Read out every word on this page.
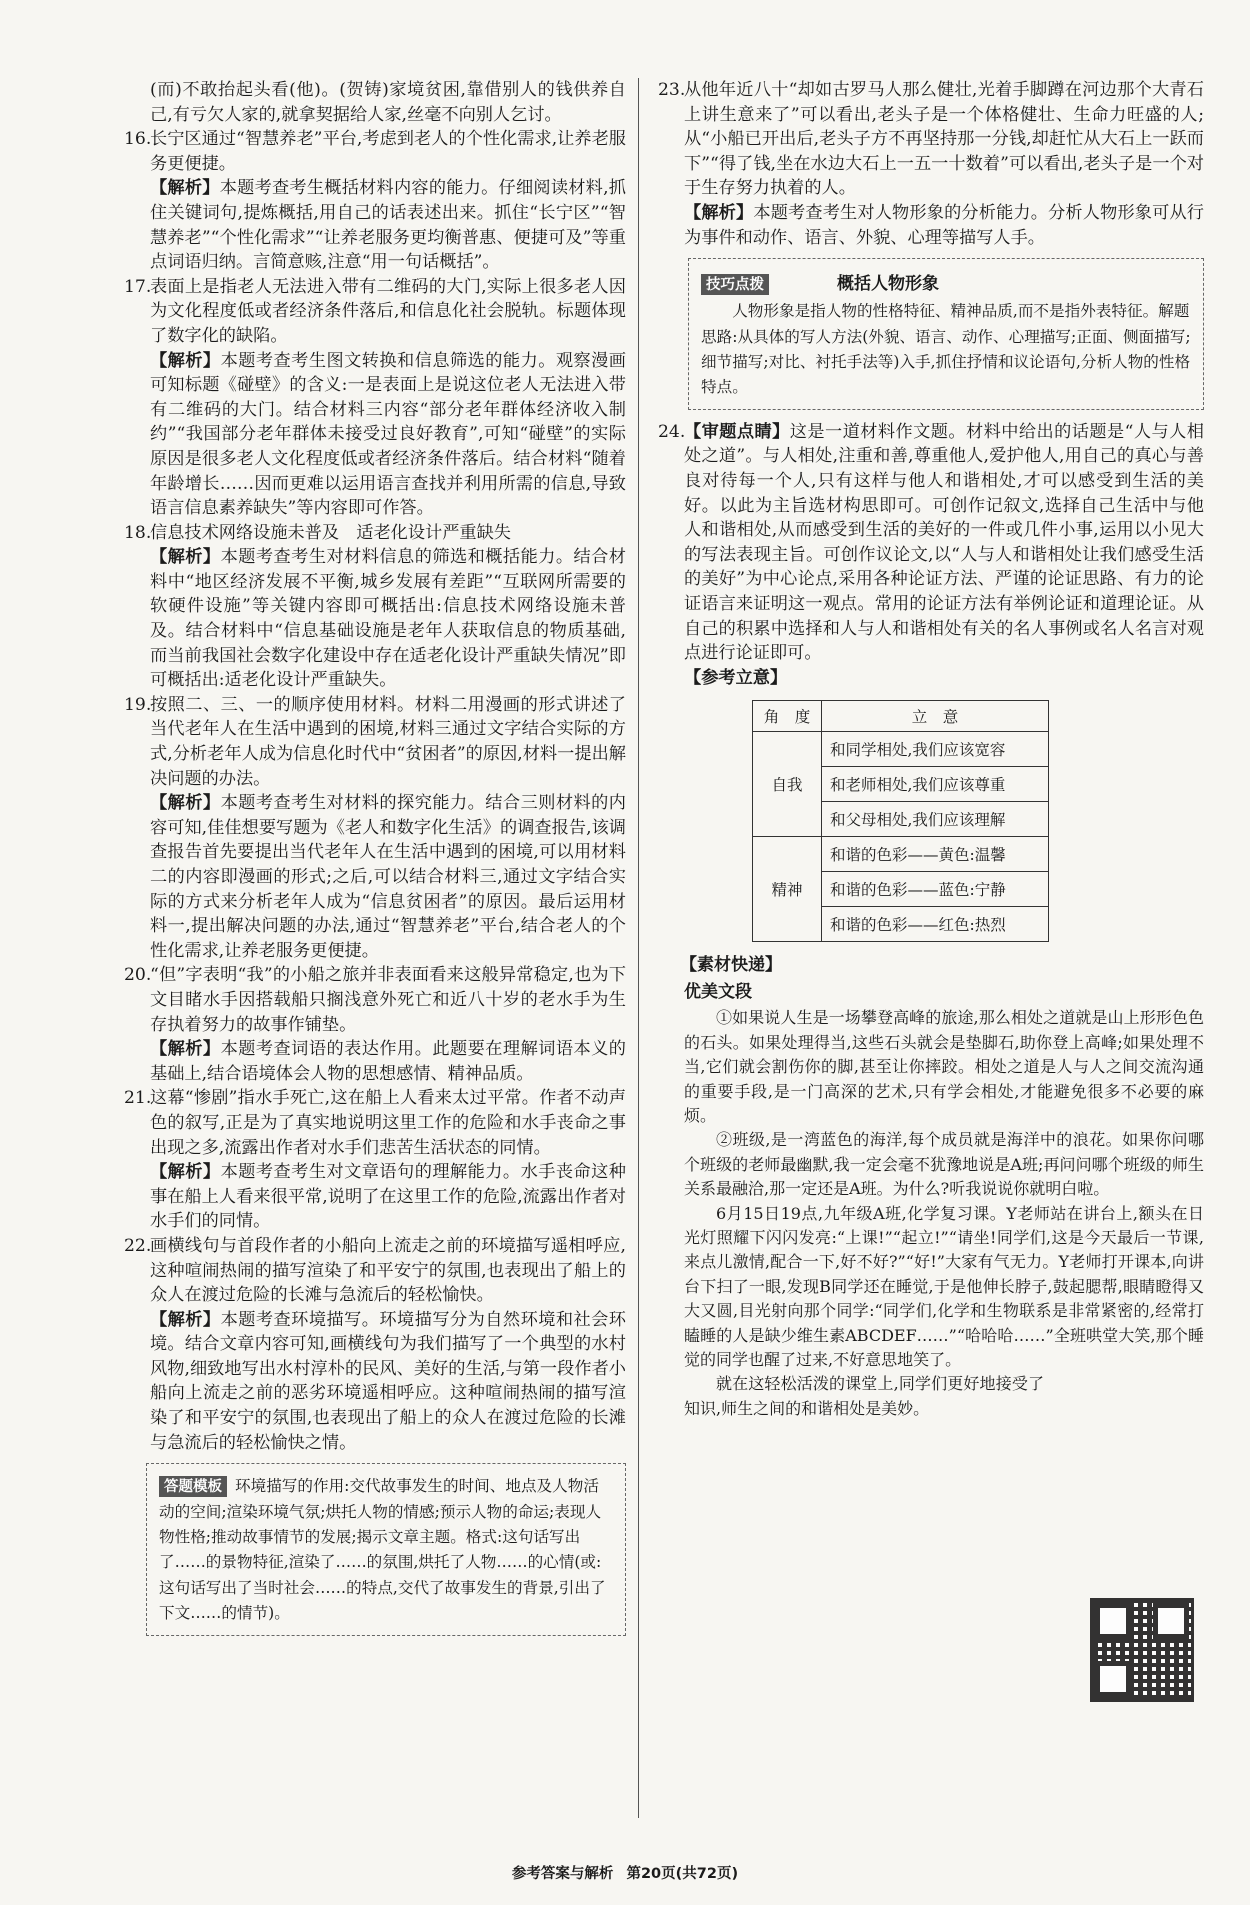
(而)不敢抬起头看(他)。(贺铸)家境贫困,靠借别人的钱供养自己,有亏欠人家的,就拿契据给人家,丝毫不向别人乞讨。

16.
长宁区通过“智慧养老”平台,考虑到老人的个性化需求,让养老服务更便捷。

【解析】本题考查考生概括材料内容的能力。仔细阅读材料,抓住关键词句,提炼概括,用自己的话表述出来。抓住“长宁区”“智慧养老”“个性化需求”“让养老服务更均衡普惠、便捷可及”等重点词语归纳。言简意赅,注意“用一句话概括”。

17.
表面上是指老人无法进入带有二维码的大门,实际上很多老人因为文化程度低或者经济条件落后,和信息化社会脱轨。标题体现了数字化的缺陷。

【解析】本题考查考生图文转换和信息筛选的能力。观察漫画可知标题《碰壁》的含义:一是表面上是说这位老人无法进入带有二维码的大门。结合材料三内容“部分老年群体经济收入制约”“我国部分老年群体未接受过良好教育”,可知“碰壁”的实际原因是很多老人文化程度低或者经济条件落后。结合材料“随着年龄增长……因而更难以运用语言查找并利用所需的信息,导致语言信息素养缺失”等内容即可作答。

18.
信息技术网络设施未普及　适老化设计严重缺失

【解析】本题考查考生对材料信息的筛选和概括能力。结合材料中“地区经济发展不平衡,城乡发展有差距”“互联网所需要的软硬件设施”等关键内容即可概括出:信息技术网络设施未普及。结合材料中“信息基础设施是老年人获取信息的物质基础,而当前我国社会数字化建设中存在适老化设计严重缺失情况”即可概括出:适老化设计严重缺失。

19.
按照二、三、一的顺序使用材料。材料二用漫画的形式讲述了当代老年人在生活中遇到的困境,材料三通过文字结合实际的方式,分析老年人成为信息化时代中“贫困者”的原因,材料一提出解决问题的办法。

【解析】本题考查考生对材料的探究能力。结合三则材料的内容可知,佳佳想要写题为《老人和数字化生活》的调查报告,该调查报告首先要提出当代老年人在生活中遇到的困境,可以用材料二的内容即漫画的形式;之后,可以结合材料三,通过文字结合实际的方式来分析老年人成为“信息贫困者”的原因。最后运用材料一,提出解决问题的办法,通过“智慧养老”平台,结合老人的个性化需求,让养老服务更便捷。

20.
“但”字表明“我”的小船之旅并非表面看来这般异常稳定,也为下文目睹水手因搭载船只搁浅意外死亡和近八十岁的老水手为生存执着努力的故事作铺垫。

【解析】本题考查词语的表达作用。此题要在理解词语本义的基础上,结合语境体会人物的思想感情、精神品质。

21.
这幕“惨剧”指水手死亡,这在船上人看来太过平常。作者不动声色的叙写,正是为了真实地说明这里工作的危险和水手丧命之事出现之多,流露出作者对水手们悲苦生活状态的同情。

【解析】本题考查考生对文章语句的理解能力。水手丧命这种事在船上人看来很平常,说明了在这里工作的危险,流露出作者对水手们的同情。

22.
画横线句与首段作者的小船向上流走之前的环境描写遥相呼应,这种喧闹热闹的描写渲染了和平安宁的氛围,也表现出了船上的众人在渡过危险的长滩与急流后的轻松愉快。

【解析】本题考查环境描写。环境描写分为自然环境和社会环境。结合文章内容可知,画横线句为我们描写了一个典型的水村风物,细致地写出水村淳朴的民风、美好的生活,与第一段作者小船向上流走之前的恶劣环境遥相呼应。这种喧闹热闹的描写渲染了和平安宁的氛围,也表现出了船上的众人在渡过危险的长滩与急流后的轻松愉快之情。

答题模板 环境描写的作用:交代故事发生的时间、地点及人物活动的空间;渲染环境气氛;烘托人物的情感;预示人物的命运;表现人物性格;推动故事情节的发展;揭示文章主题。格式:这句话写出了……的景物特征,渲染了……的氛围,烘托了人物……的心情(或:这句话写出了当时社会……的特点,交代了故事发生的背景,引出了下文……的情节)。

23.
从他年近八十“却如古罗马人那么健壮,光着手脚蹲在河边那个大青石上讲生意来了”可以看出,老头子是一个体格健壮、生命力旺盛的人;从“小船已开出后,老头子方不再坚持那一分钱,却赶忙从大石上一跃而下”“得了钱,坐在水边大石上一五一十数着”可以看出,老头子是一个对于生存努力执着的人。

【解析】本题考查考生对人物形象的分析能力。分析人物形象可从行为事件和动作、语言、外貌、心理等描写人手。

技巧点拨	概括人物形象

人物形象是指人物的性格特征、精神品质,而不是指外表特征。解题思路:从具体的写人方法(外貌、语言、动作、心理描写;正面、侧面描写;细节描写;对比、衬托手法等)入手,抓住抒情和议论语句,分析人物的性格特点。

24.
【审题点睛】这是一道材料作文题。材料中给出的话题是“人与人相处之道”。与人相处,注重和善,尊重他人,爱护他人,用自己的真心与善良对待每一个人,只有这样与他人和谐相处,才可以感受到生活的美好。以此为主旨选材构思即可。可创作记叙文,选择自己生活中与他人和谐相处,从而感受到生活的美好的一件或几件小事,运用以小见大的写法表现主旨。可创作议论文,以“人与人和谐相处让我们感受生活的美好”为中心论点,采用各种论证方法、严谨的论证思路、有力的论证语言来证明这一观点。常用的论证方法有举例论证和道理论证。从自己的积累中选择和人与人和谐相处有关的名人事例或名人名言对观点进行论证即可。

【参考立意】

角　度	立　意
自我	和同学相处,我们应该宽容
	和老师相处,我们应该尊重
	和父母相处,我们应该理解
精神	和谐的色彩——黄色:温馨
	和谐的色彩——蓝色:宁静
	和谐的色彩——红色:热烈

【素材快递】

优美文段

①如果说人生是一场攀登高峰的旅途,那么相处之道就是山上形形色色的石头。如果处理得当,这些石头就会是垫脚石,助你登上高峰;如果处理不当,它们就会割伤你的脚,甚至让你摔跤。相处之道是人与人之间交流沟通的重要手段,是一门高深的艺术,只有学会相处,才能避免很多不必要的麻烦。

②班级,是一湾蓝色的海洋,每个成员就是海洋中的浪花。如果你问哪个班级的老师最幽默,我一定会毫不犹豫地说是A班;再问问哪个班级的师生关系最融洽,那一定还是A班。为什么?听我说说你就明白啦。

6月15日19点,九年级A班,化学复习课。Y老师站在讲台上,额头在日光灯照耀下闪闪发亮:“上课!”“起立!”“请坐!同学们,这是今天最后一节课,来点儿激情,配合一下,好不好?”“好!”大家有气无力。Y老师打开课本,向讲台下扫了一眼,发现B同学还在睡觉,于是他伸长脖子,鼓起腮帮,眼睛瞪得又大又圆,目光射向那个同学:“同学们,化学和生物联系是非常紧密的,经常打瞌睡的人是缺少维生素ABCDEF……”“哈哈哈……”全班哄堂大笑,那个睡觉的同学也醒了过来,不好意思地笑了。

就在这轻松活泼的课堂上,同学们更好地接受了知识,师生之间的和谐相处是美妙。

参考答案与解析 第20页(共72页)
